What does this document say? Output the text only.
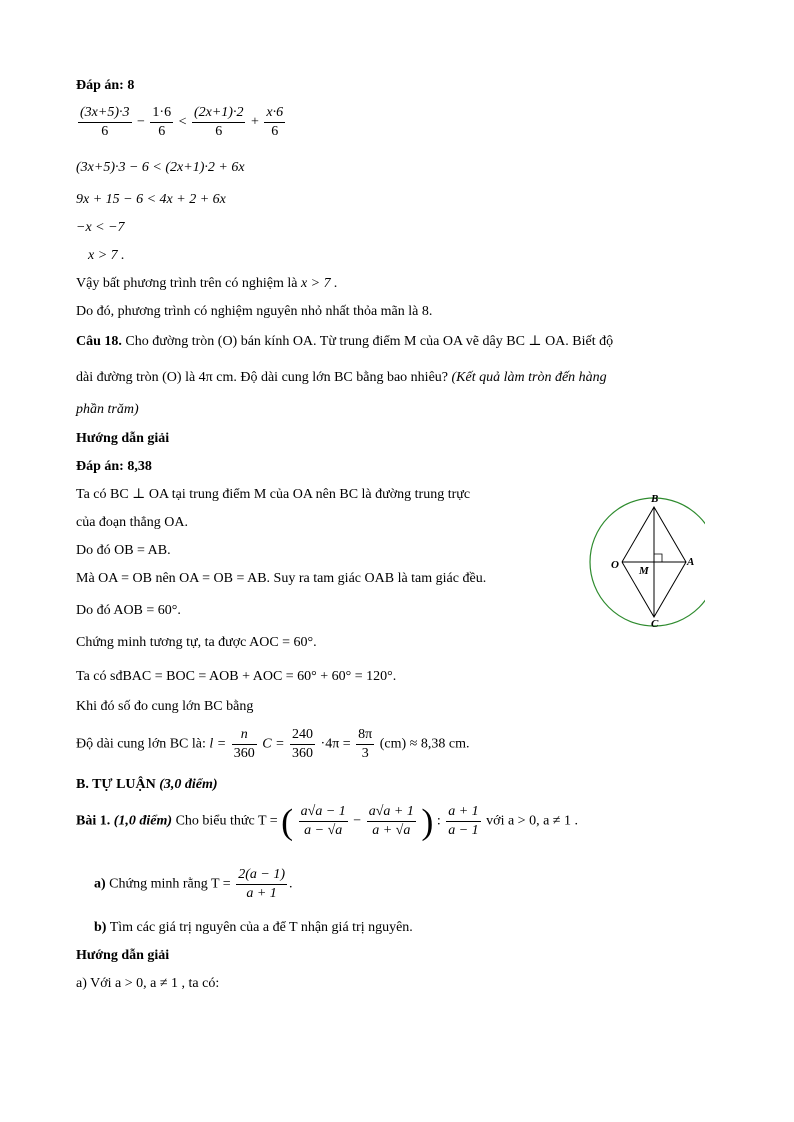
Đáp án: 8
$\frac{(3x+5)\cdot 3}{6} - \frac{1\cdot 6}{6} < \frac{(2x+1)\cdot 2}{6} + \frac{x\cdot 6}{6}$
(3x+5)·3 − 6 < (2x+1)·2 + 6x
9x + 15 − 6 < 4x + 2 + 6x
−x < −7
x > 7 .
Vậy bất phương trình trên có nghiệm là x > 7 .
Do đó, phương trình có nghiệm nguyên nhỏ nhất thỏa mãn là 8.
Câu 18. Cho đường tròn (O) bán kính OA. Từ trung điểm M của OA vẽ dây BC ⊥ OA. Biết độ
dài đường tròn (O) là 4π cm. Độ dài cung lớn BC bằng bao nhiêu? (Kết quả làm tròn đến hàng
phần trăm)
Hướng dẫn giải
Đáp án: 8,38
Ta có BC ⊥ OA tại trung điểm M của OA nên BC là đường trung trực
của đoạn thẳng OA.
Do đó OB = AB.
Mà OA = OB nên OA = OB = AB. Suy ra tam giác OAB là tam giác đều.
Do đó AOB = 60°.
Chứng minh tương tự, ta được AOC = 60°.
Ta có sđBAC = BOC = AOB + AOC = 60° + 60° = 120°.
Khi đó số đo cung lớn BC bằng
Độ dài cung lớn BC là: $l = \frac{n}{360}$ $C = \frac{240}{360} \cdot 4\pi = \frac{8\pi}{3} (cm) \approx 8,38$ cm.
B
O M
A
C
B. TỰ LUẬN (3,0 điểm)
Bài 1. (1,0 điểm) Cho biểu thức T = ( $\frac{a√a - 1}{a - √a} - \frac{a√a + 1}{a + √a}$ ) : $\frac{a + 1}{a - 1}$ với a > 0, a ≠ 1 .
a) Chứng minh rằng $T = \frac{2(a - 1)}{a + 1}$ .
b) Tìm các giá trị nguyên của a để T nhận giá trị nguyên.
Hướng dẫn giải
a) Với a > 0, a ≠ 1 , ta có:
